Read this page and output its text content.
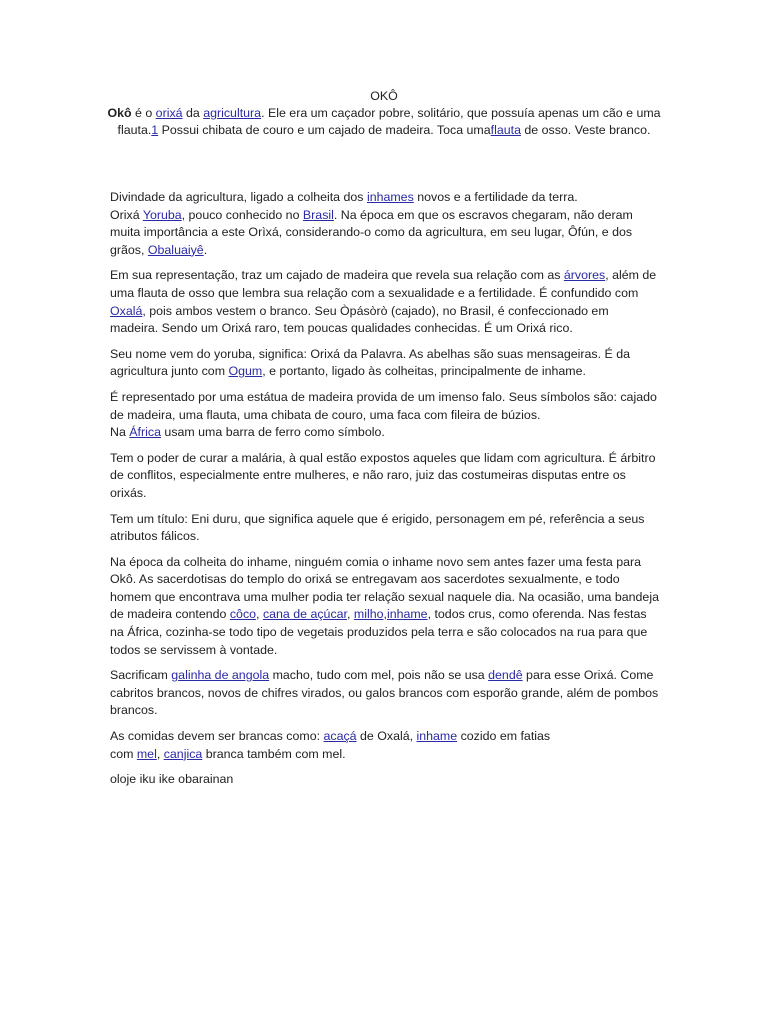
OKÔ
Okô é o orixá da agricultura. Ele era um caçador pobre, solitário, que possuía apenas um cão e uma flauta.1 Possui chibata de couro e um cajado de madeira. Toca umaflauta de osso. Veste branco.

Divindade da agricultura, ligado a colheita dos inhames novos e a fertilidade da terra.
Orixá Yoruba, pouco conhecido no Brasil. Na época em que os escravos chegaram, não deram muita importância a este Orìxá, considerando-o como da agricultura, em seu lugar, Ôfún, e dos grãos, Obaluaiyê.

Em sua representação, traz um cajado de madeira que revela sua relação com as árvores, além de uma flauta de osso que lembra sua relação com a sexualidade e a fertilidade. É confundido com Oxalá, pois ambos vestem o branco. Seu Òpásòrò (cajado), no Brasil, é confeccionado em madeira. Sendo um Orixá raro, tem poucas qualidades conhecidas. É um Orixá rico.

Seu nome vem do yoruba, significa: Orixá da Palavra. As abelhas são suas mensageiras. É da agricultura junto com Ogum, e portanto, ligado às colheitas, principalmente de inhame.

É representado por uma estátua de madeira provida de um imenso falo. Seus símbolos são: cajado de madeira, uma flauta, uma chibata de couro, uma faca com fileira de búzios.
Na África usam uma barra de ferro como símbolo.

Tem o poder de curar a malária, à qual estão expostos aqueles que lidam com agricultura. É árbitro de conflitos, especialmente entre mulheres, e não raro, juiz das costumeiras disputas entre os orixás.

Tem um título: Eni duru, que significa aquele que é erigido, personagem em pé, referência a seus atributos fálicos.

Na época da colheita do inhame, ninguém comia o inhame novo sem antes fazer uma festa para Okô. As sacerdotisas do templo do orixá se entregavam aos sacerdotes sexualmente, e todo homem que encontrava uma mulher podia ter relação sexual naquele dia. Na ocasião, uma bandeja de madeira contendo côco, cana de açúcar, milho,inhame, todos crus, como oferenda. Nas festas na África, cozinha-se todo tipo de vegetais produzidos pela terra e são colocados na rua para que todos se servissem à vontade.

Sacrificam galinha de angola macho, tudo com mel, pois não se usa dendê para esse Orixá. Come cabritos brancos, novos de chifres virados, ou galos brancos com esporão grande, além de pombos brancos.

As comidas devem ser brancas como: acaçá de Oxalá, inhame cozido em fatias
com mel, canjica branca também com mel.

oloje iku ike obarainan
